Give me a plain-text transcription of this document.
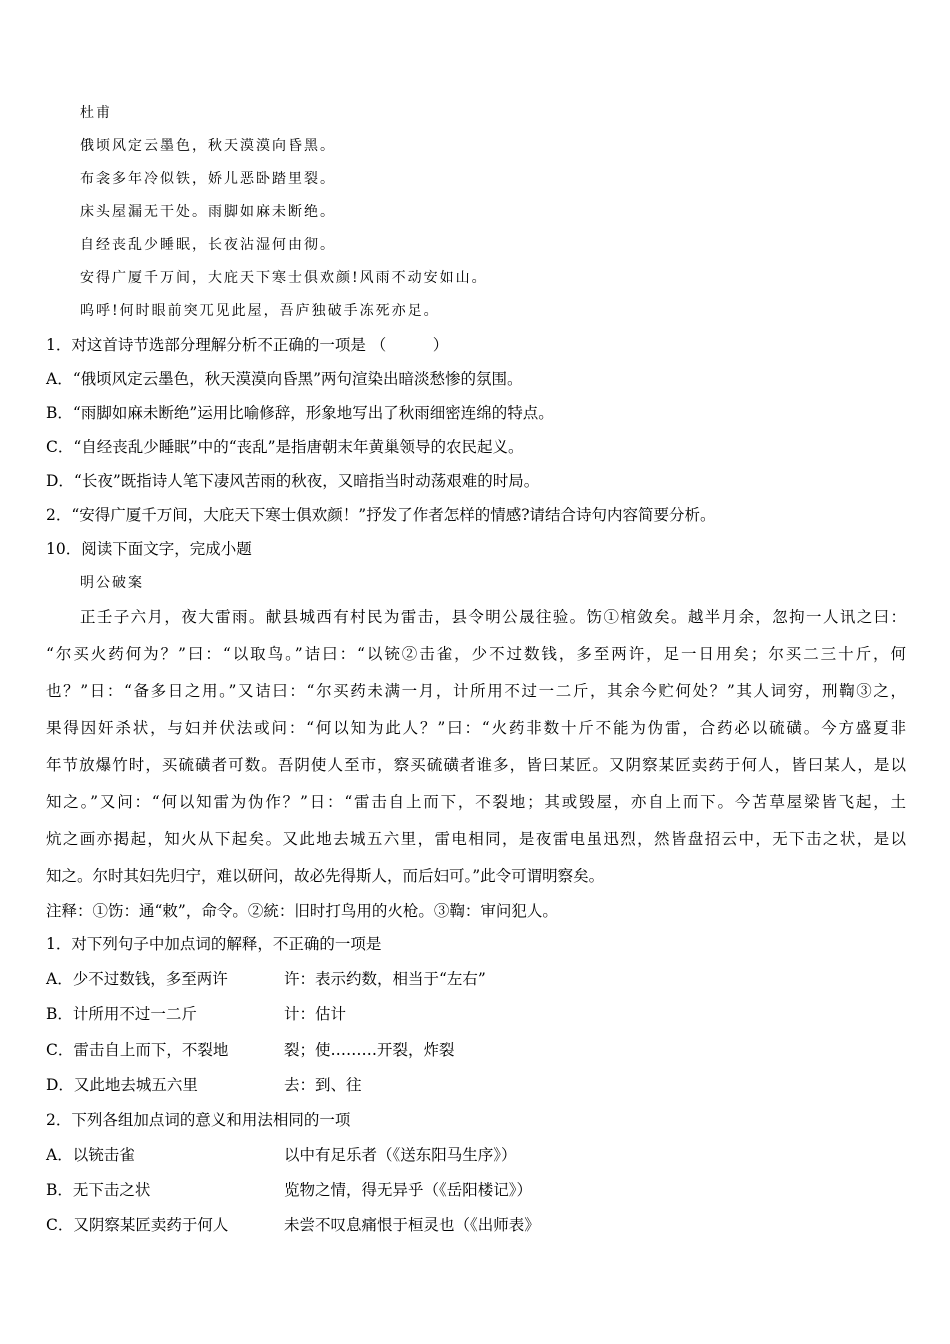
杜甫
俄顷风定云墨色，秋天漠漠向昏黑。
布衾多年冷似铁，娇儿恶卧踏里裂。
床头屋漏无干处。雨脚如麻未断绝。
自经丧乱少睡眠，长夜沾湿何由彻。
安得广厦千万间，大庇天下寒士俱欢颜!风雨不动安如山。
呜呼!何时眼前突兀见此屋，吾庐独破手冻死亦足。
1．对这首诗节选部分理解分析不正确的一项是 （　　　）
A．“俄顷风定云墨色，秋天漠漠向昏黑”两句渲染出暗淡愁惨的氛围。
B．“雨脚如麻未断绝”运用比喻修辞，形象地写出了秋雨细密连绵的特点。
C．“自经丧乱少睡眠”中的“丧乱”是指唐朝末年黄巢领导的农民起义。
D．“长夜”既指诗人笔下凄风苦雨的秋夜，又暗指当时动荡艰难的时局。
2．“安得广厦千万间，大庇天下寒士俱欢颜！”抒发了作者怎样的情感?请结合诗句内容简要分析。
10．阅读下面文字，完成小题
明公破案
正壬子六月，夜大雷雨。献县城西有村民为雷击，县令明公晟往验。饬①棺敛矣。越半月余，忽拘一人讯之曰：
“尔买火药何为？”曰：“以取鸟。”诘曰：“以铳②击雀，少不过数钱，多至两许，足一日用矣；尔买二三十斤，何
也？”日：“备多日之用。”又诘曰：“尔买药未满一月，计所用不过一二斤，其余今贮何处？”其人词穷，刑鞫③之，
果得因奸杀状，与妇并伏法或问：“何以知为此人？”曰：“火药非数十斤不能为伪雷，合药必以硫磺。今方盛夏非
年节放爆竹时，买硫磺者可数。吾阴使人至市，察买硫磺者谁多，皆曰某匠。又阴察某匠卖药于何人，皆曰某人，是以
知之。”又问：“何以知雷为伪作？”日：“雷击自上而下，不裂地；其或毁屋，亦自上而下。今苫草屋梁皆飞起，土
炕之画亦掲起，知火从下起矣。又此地去城五六里，雷电相同，是夜雷电虽迅烈，然皆盘招云中，无下击之状，是以
知之。尔时其妇先归宁，难以研问，故必先得斯人，而后妇可。”此令可谓明察矣。
注释：①饬：通“敕”，命令。②統：旧时打鸟用的火枪。③鞫：审问犯人。
1．对下列句子中加点词的解释，不正确的一项是
A．少不过数钱，多至两许	许：表示约数，相当于“左右”
B．计所用不过一二斤	计：估计
C．雷击自上而下，不裂地	裂；使………开裂，炸裂
D．又此地去城五六里	去：到、往
2．下列各组加点词的意义和用法相同的一项
A．以铳击雀	以中有足乐者（《送东阳马生序》）
B．无下击之状	览物之情，得无异乎（《岳阳楼记》）
C．又阴察某匠卖药于何人	未尝不叹息痛恨于桓灵也（《出师表》
